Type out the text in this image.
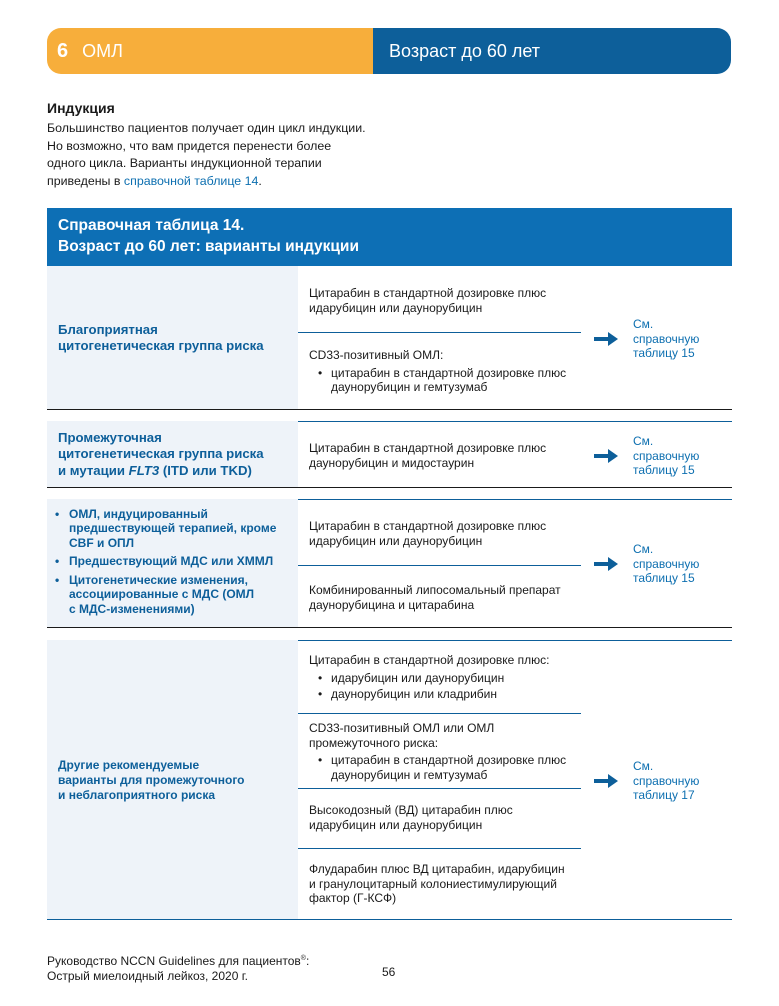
6 ОМЛ	Возраст до 60 лет
Индукция
Большинство пациентов получает один цикл индукции.
Но возможно, что вам придется перенести более
одного цикла. Варианты индукционной терапии
приведены в справочной таблице 14.
Справочная таблица 14.
Возраст до 60 лет: варианты индукции
Благоприятная
цитогенетическая группа риска
Цитарабин в стандартной дозировке плюс
идарубицин или даунорубицин
CD33-позитивный ОМЛ:
• цитарабин в стандартной дозировке плюс
даунорубицин и гемтузумаб
См.
справочную
таблицу 15
Промежуточная
цитогенетическая группа риска
и мутации FLT3 (ITD или TKD)
Цитарабин в стандартной дозировке плюс
даунорубицин и мидостаурин
См.
справочную
таблицу 15
• ОМЛ, индуцированный
предшествующей терапией, кроме
CBF и ОПЛ
• Предшествующий МДС или ХММЛ
• Цитогенетические изменения,
ассоциированные с МДС (ОМЛ
с МДС-изменениями)
Цитарабин в стандартной дозировке плюс
идарубицин или даунорубицин
Комбинированный липосомальный препарат
даунорубицина и цитарабина
См.
справочную
таблицу 15
Другие рекомендуемые
варианты для промежуточного
и неблагоприятного риска
Цитарабин в стандартной дозировке плюс:
• идарубицин или даунорубицин
• даунорубицин или кладрибин
CD33-позитивный ОМЛ или ОМЛ
промежуточного риска:
• цитарабин в стандартной дозировке плюс
даунорубицин и гемтузумаб
Высокодозный (ВД) цитарабин плюс
идарубицин или даунорубицин
Флударабин плюс ВД цитарабин, идарубицин
и гранулоцитарный колониестимулирующий
фактор (Г-КСФ)
См.
справочную
таблицу 17
Руководство NCCN Guidelines для пациентов®:
Острый миелоидный лейкоз, 2020 г.	56
